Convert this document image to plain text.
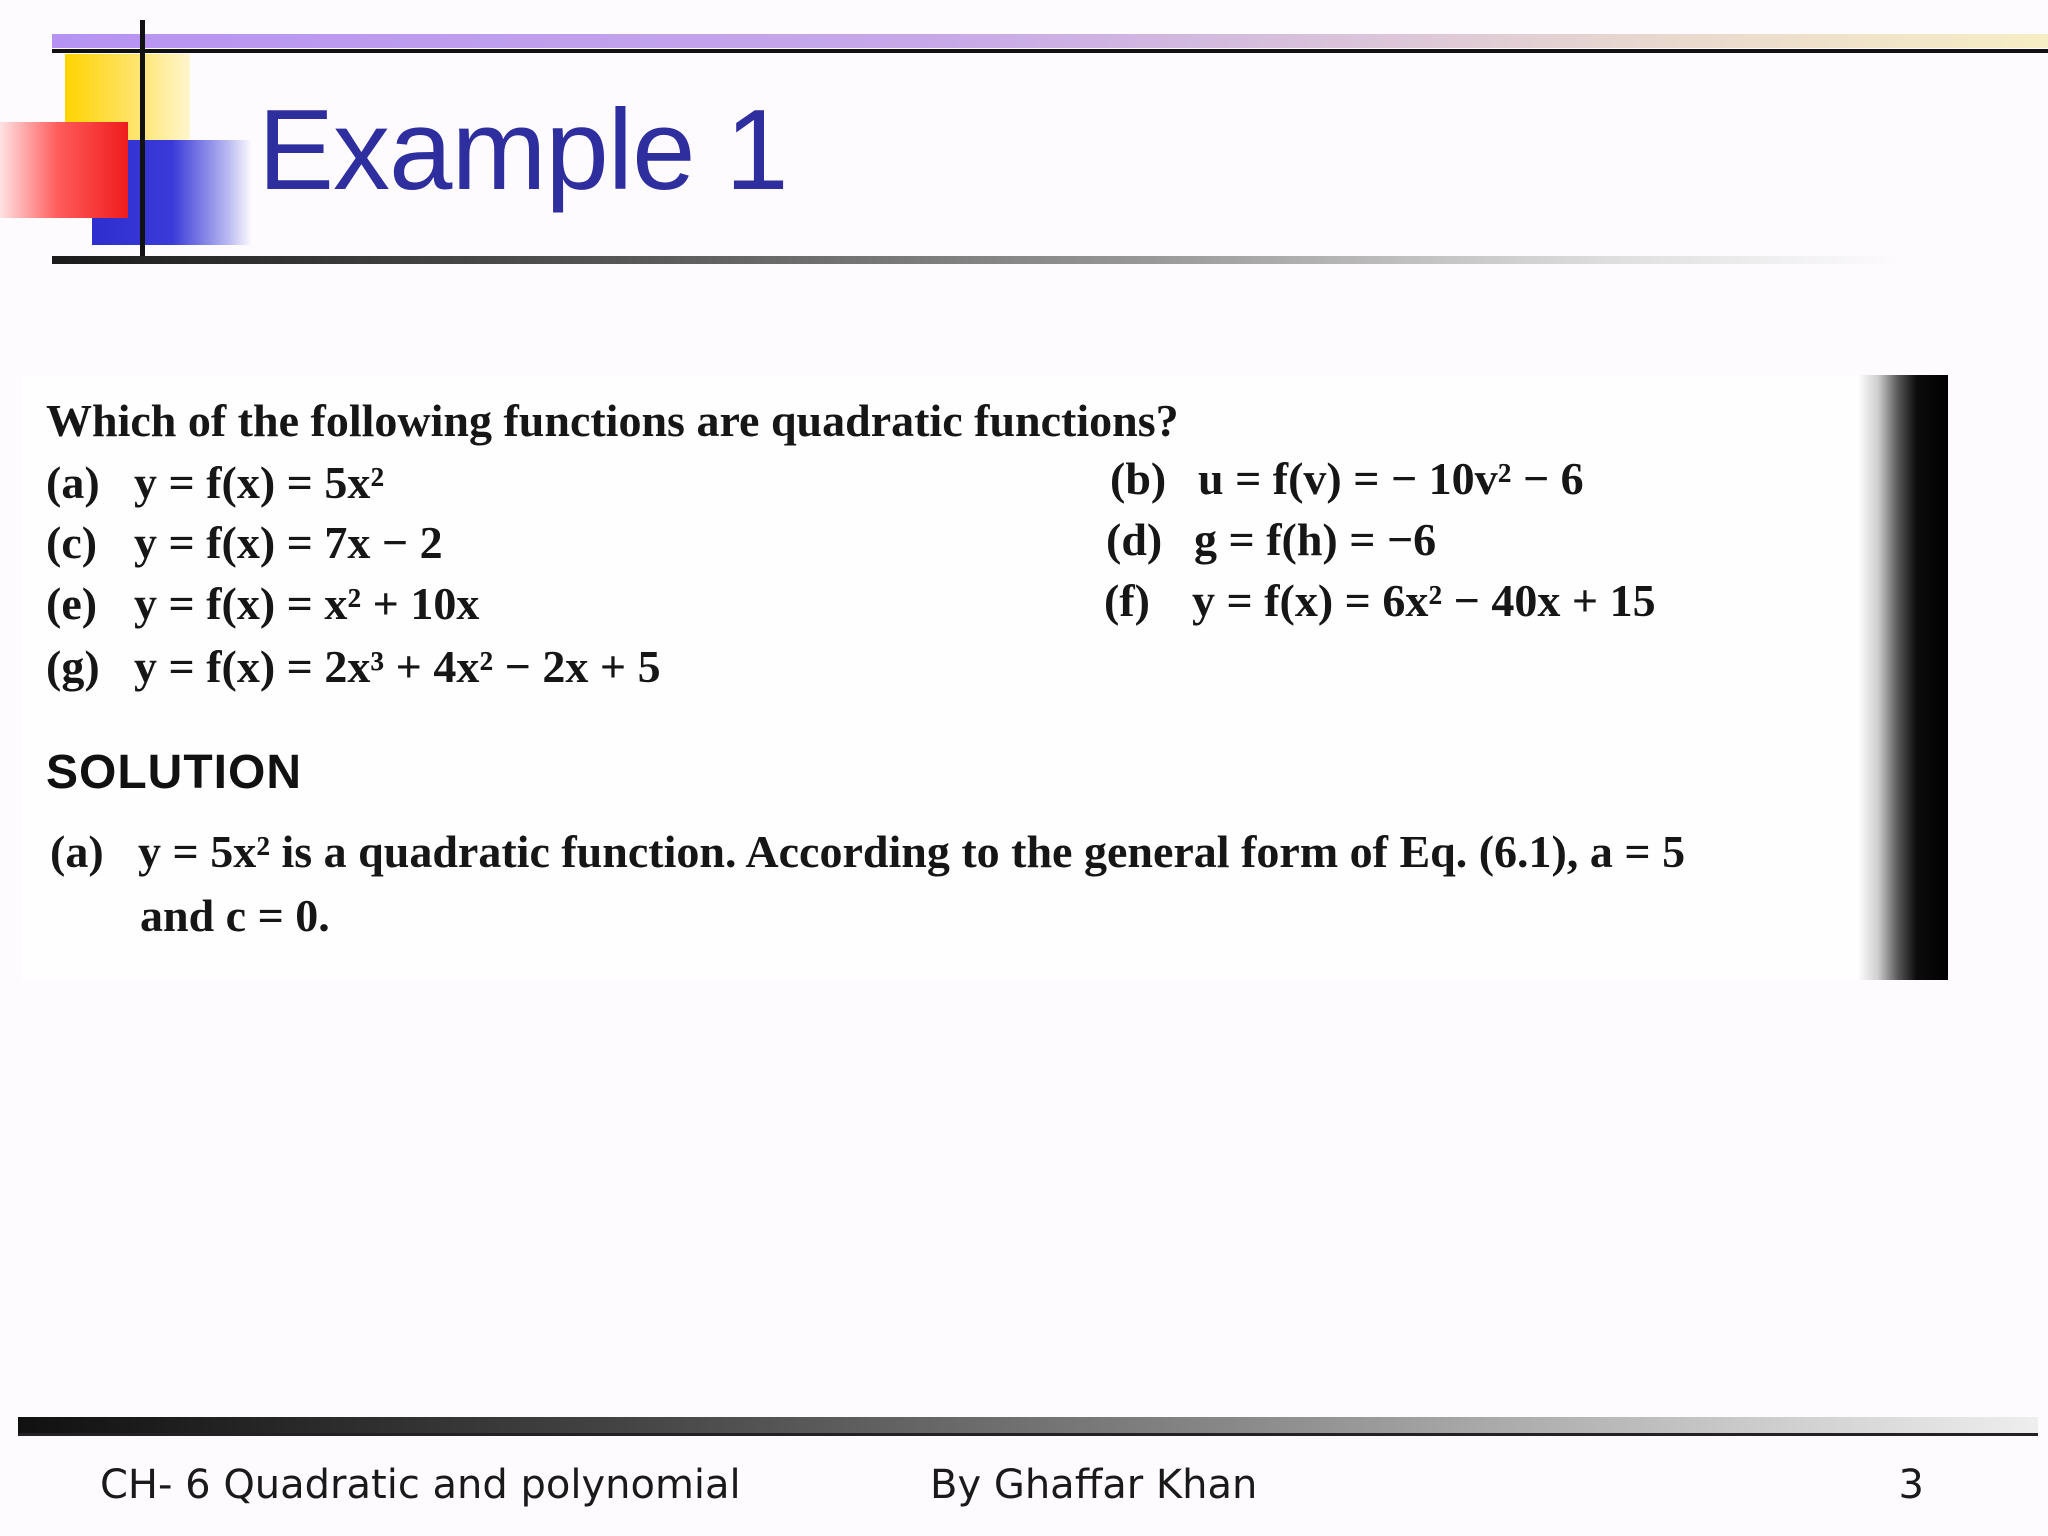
Example 1
Which of the following functions are quadratic functions?
(a) y = f(x) = 5x²	(b) u = f(v) = − 10v² − 6
(c) y = f(x) = 7x − 2	(d) g = f(h) = −6
(e) y = f(x) = x² + 10x	(f) y = f(x) = 6x² − 40x + 15
(g) y = f(x) = 2x³ + 4x² − 2x + 5
SOLUTION
(a) y = 5x² is a quadratic function. According to the general form of Eq. (6.1), a = 5
and c = 0.
CH- 6 Quadratic and polynomial	By Ghaffar Khan	3
